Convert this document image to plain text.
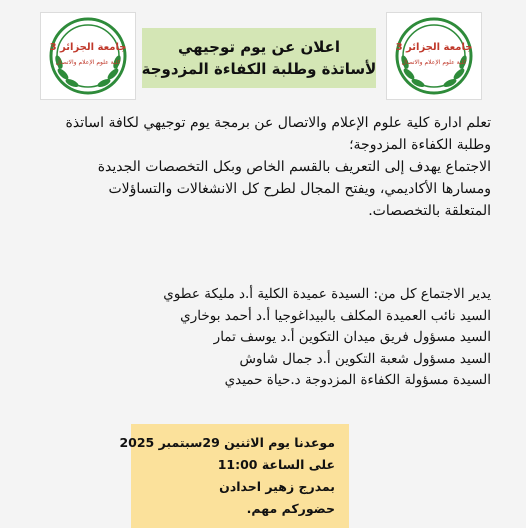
جامعة الجزائر 3
كلية علوم الإعلام والاتصال
جامعة الجزائر 3
كلية علوم الإعلام والاتصال
اعلان عن يوم توجيهي
لأساتذة وطلبة الكفاءة المزدوجة
تعلم ادارة كلية علوم الإعلام والاتصال عن برمجة يوم توجيهي لكافة اساتذة
وطلبة الكفاءة المزدوجة؛
الاجتماع يهدف إلى التعريف بالقسم الخاص وبكل التخصصات الجديدة
ومسارها الأكاديمي، ويفتح المجال لطرح كل الانشغالات والتساؤلات
المتعلقة بالتخصصات.
يدير الاجتماع كل من: السيدة عميدة الكلية أ.د مليكة عطوي
السيد نائب العميدة المكلف بالبيداغوجيا أ.د أحمد بوخاري
السيد مسؤول فريق ميدان التكوين أ.د يوسف تمار
السيد مسؤول شعبة التكوين أ.د جمال شاوش
السيدة مسؤولة الكفاءة المزدوجة د.حياة حميدي
موعدنا يوم الاثنين 29سبتمبر 2025
على الساعة 11:00
بمدرج زهير احدادن
حضوركم مهم.
